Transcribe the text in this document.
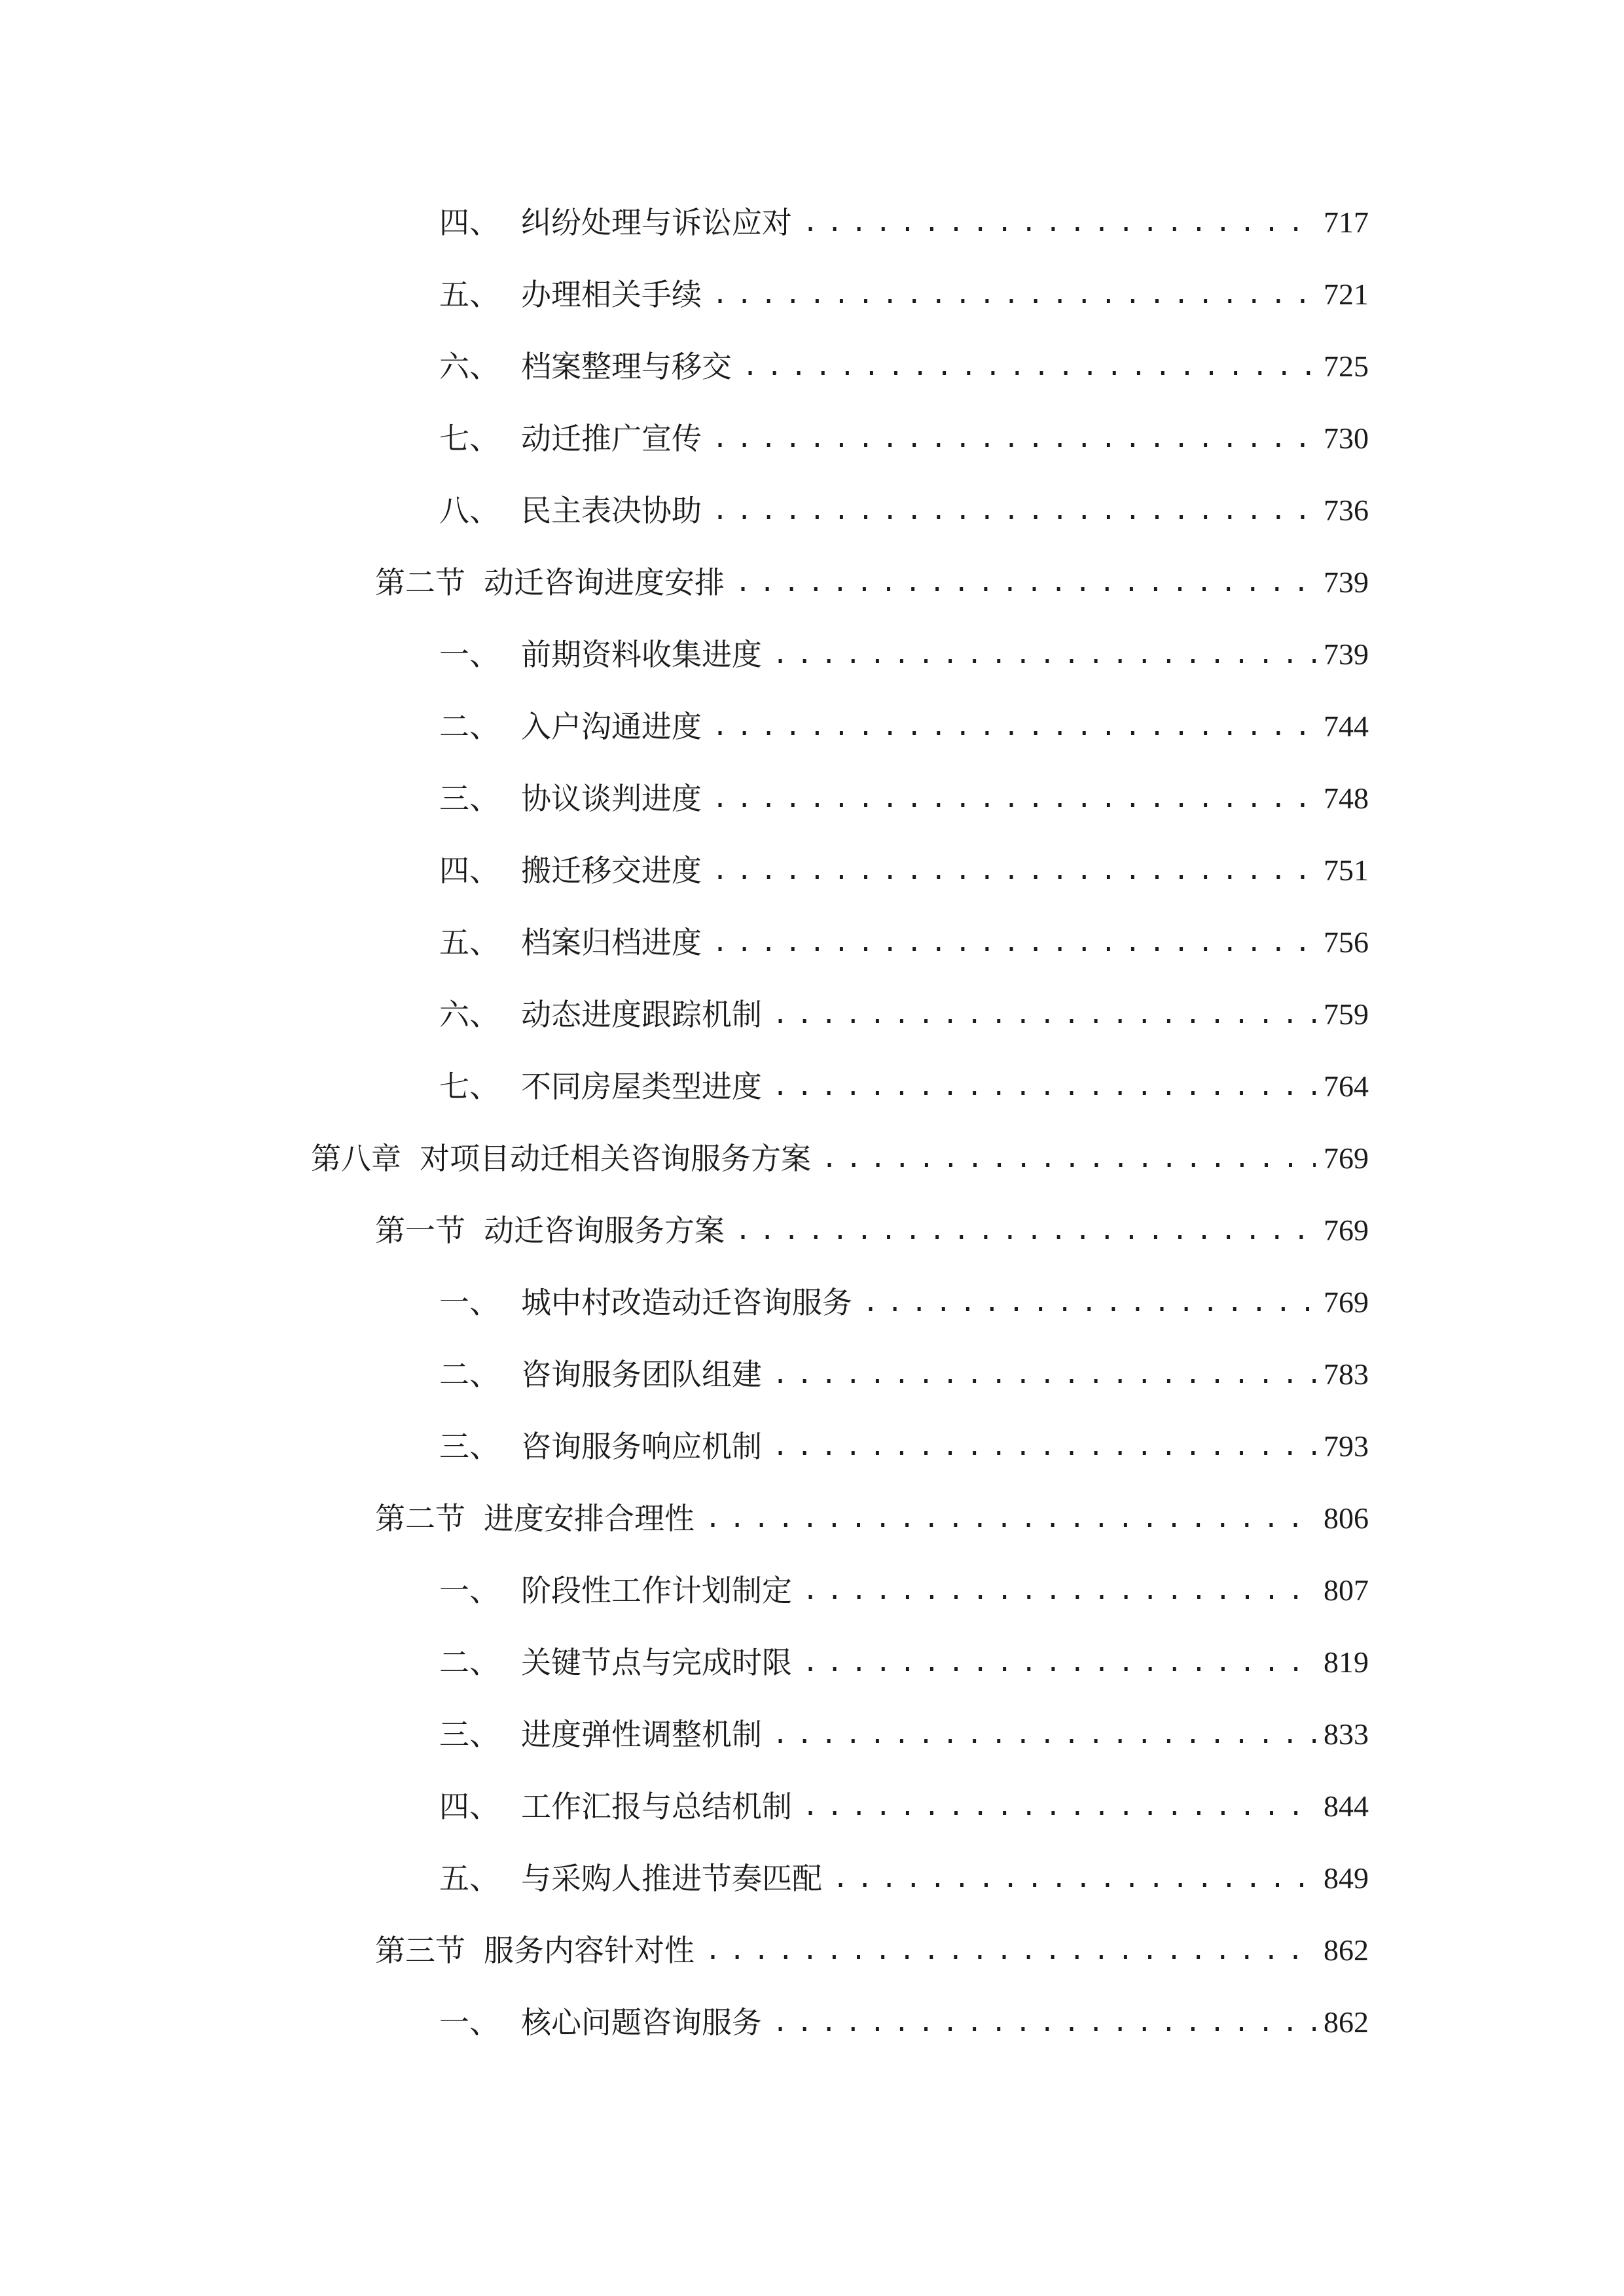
四、 纠纷处理与诉讼应对 .....	717
五、 办理相关手续 .....	721
六、 档案整理与移交 .....	725
七、 动迁推广宣传 .....	730
八、 民主表决协助 .....	736
第二节 动迁咨询进度安排 .....	739
一、 前期资料收集进度 .....	739
二、 入户沟通进度 .....	744
三、 协议谈判进度 .....	748
四、 搬迁移交进度 .....	751
五、 档案归档进度 .....	756
六、 动态进度跟踪机制 .....	759
七、 不同房屋类型进度 .....	764
第八章 对项目动迁相关咨询服务方案 .....	769
第一节 动迁咨询服务方案 .....	769
一、 城中村改造动迁咨询服务 .....	769
二、 咨询服务团队组建 .....	783
三、 咨询服务响应机制 .....	793
第二节 进度安排合理性 .....	806
一、 阶段性工作计划制定 .....	807
二、 关键节点与完成时限 .....	819
三、 进度弹性调整机制 .....	833
四、 工作汇报与总结机制 .....	844
五、 与采购人推进节奏匹配 .....	849
第三节 服务内容针对性 .....	862
一、 核心问题咨询服务 .....	862
